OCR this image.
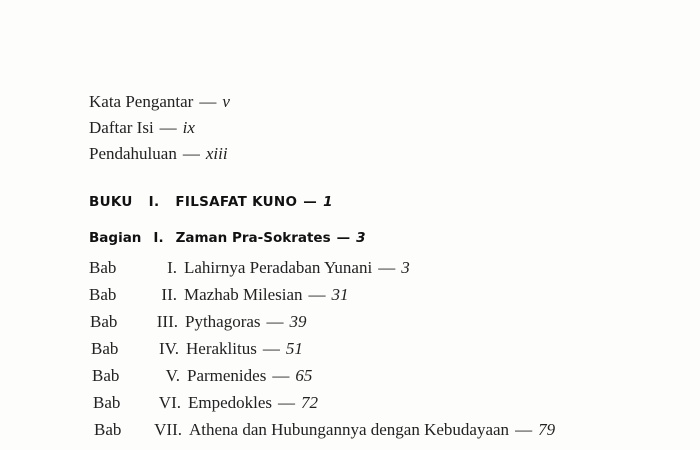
Kata Pengantar — v
Daftar Isi — ix
Pendahuluan — xiii
BUKU I. FILSAFAT KUNO — 1
Bagian I. Zaman Pra-Sokrates — 3
Bab	I. Lahirnya Peradaban Yunani — 3
Bab	II. Mazhab Milesian — 31
Bab III. Pythagoras — 39
Bab IV. Heraklitus — 51
Bab	V. Parmenides — 65
Bab VI. Empedokles — 72
Bab VII. Athena dan Hubungannya dengan Kebudayaan — 79
